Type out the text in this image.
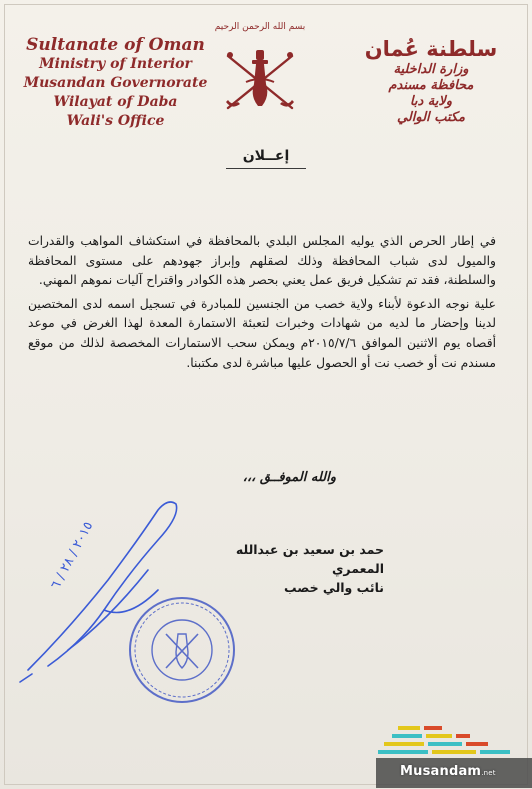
بسم الله الرحمن الرحيم
Sultanate of Oman
Ministry of Interior
Musandan Governorate
Wilayat of Daba
Wali's Office
سلطنة عُمان
وزارة الداخلية
محافظة مسندم
ولاية دبا
مكتب الوالي
إعــلان

في إطار الحرص الذي يوليه المجلس البلدي بالمحافظة في استكشاف المواهب والقدرات والميول لدى شباب المحافظة وذلك لصقلهم وإبراز جهودهم على مستوى المحافظة والسلطنة، فقد تم تشكيل فريق عمل يعني بحصر هذه الكوادر واقتراح آليات نموهم المهني.

علية نوجه الدعوة لأبناء ولاية خصب من الجنسين للمبادرة في تسجيل اسمه لدى المختصين لدينا وإحضار ما لديه من شهادات وخبرات لتعبئة الاستمارة المعدة لهذا الغرض في موعد أقصاه يوم الاثنين الموافق ٢٠١٥/٧/٦م ويمكن سحب الاستمارات المخصصة لذلك من موقع مسندم نت أو خصب نت أو الحصول عليها مباشرة لدى مكتبنا.

والله الموفــق ،،،
٢٠١٥ / ٢٨ / ٦	حمد بن سعيد بن عبدالله المعمري
نائب والي خصب
Musandam.net
